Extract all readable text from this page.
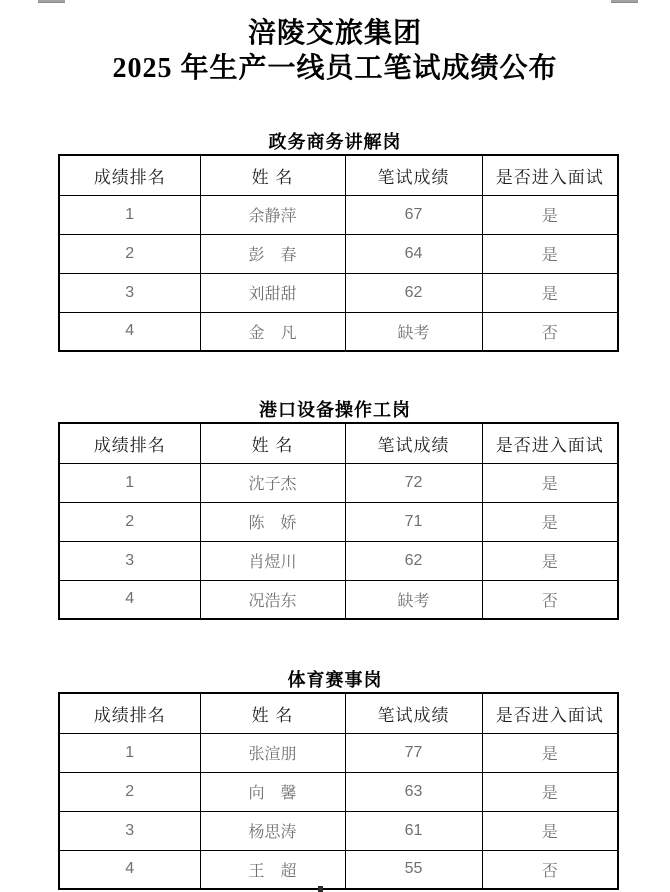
涪陵交旅集团
2025 年生产一线员工笔试成绩公布
政务商务讲解岗
成绩排名	姓 名	笔试成绩	是否进入面试
1	余静萍	67	是
2	彭　春	64	是
3	刘甜甜	62	是
4	金　凡	缺考	否
港口设备操作工岗
成绩排名	姓 名	笔试成绩	是否进入面试
1	沈子杰	72	是
2	陈　娇	71	是
3	肖煜川	62	是
4	况浩东	缺考	否
体育赛事岗
成绩排名	姓 名	笔试成绩	是否进入面试
1	张渲朋	77	是
2	向　馨	63	是
3	杨思涛	61	是
4	王　超	55	否
